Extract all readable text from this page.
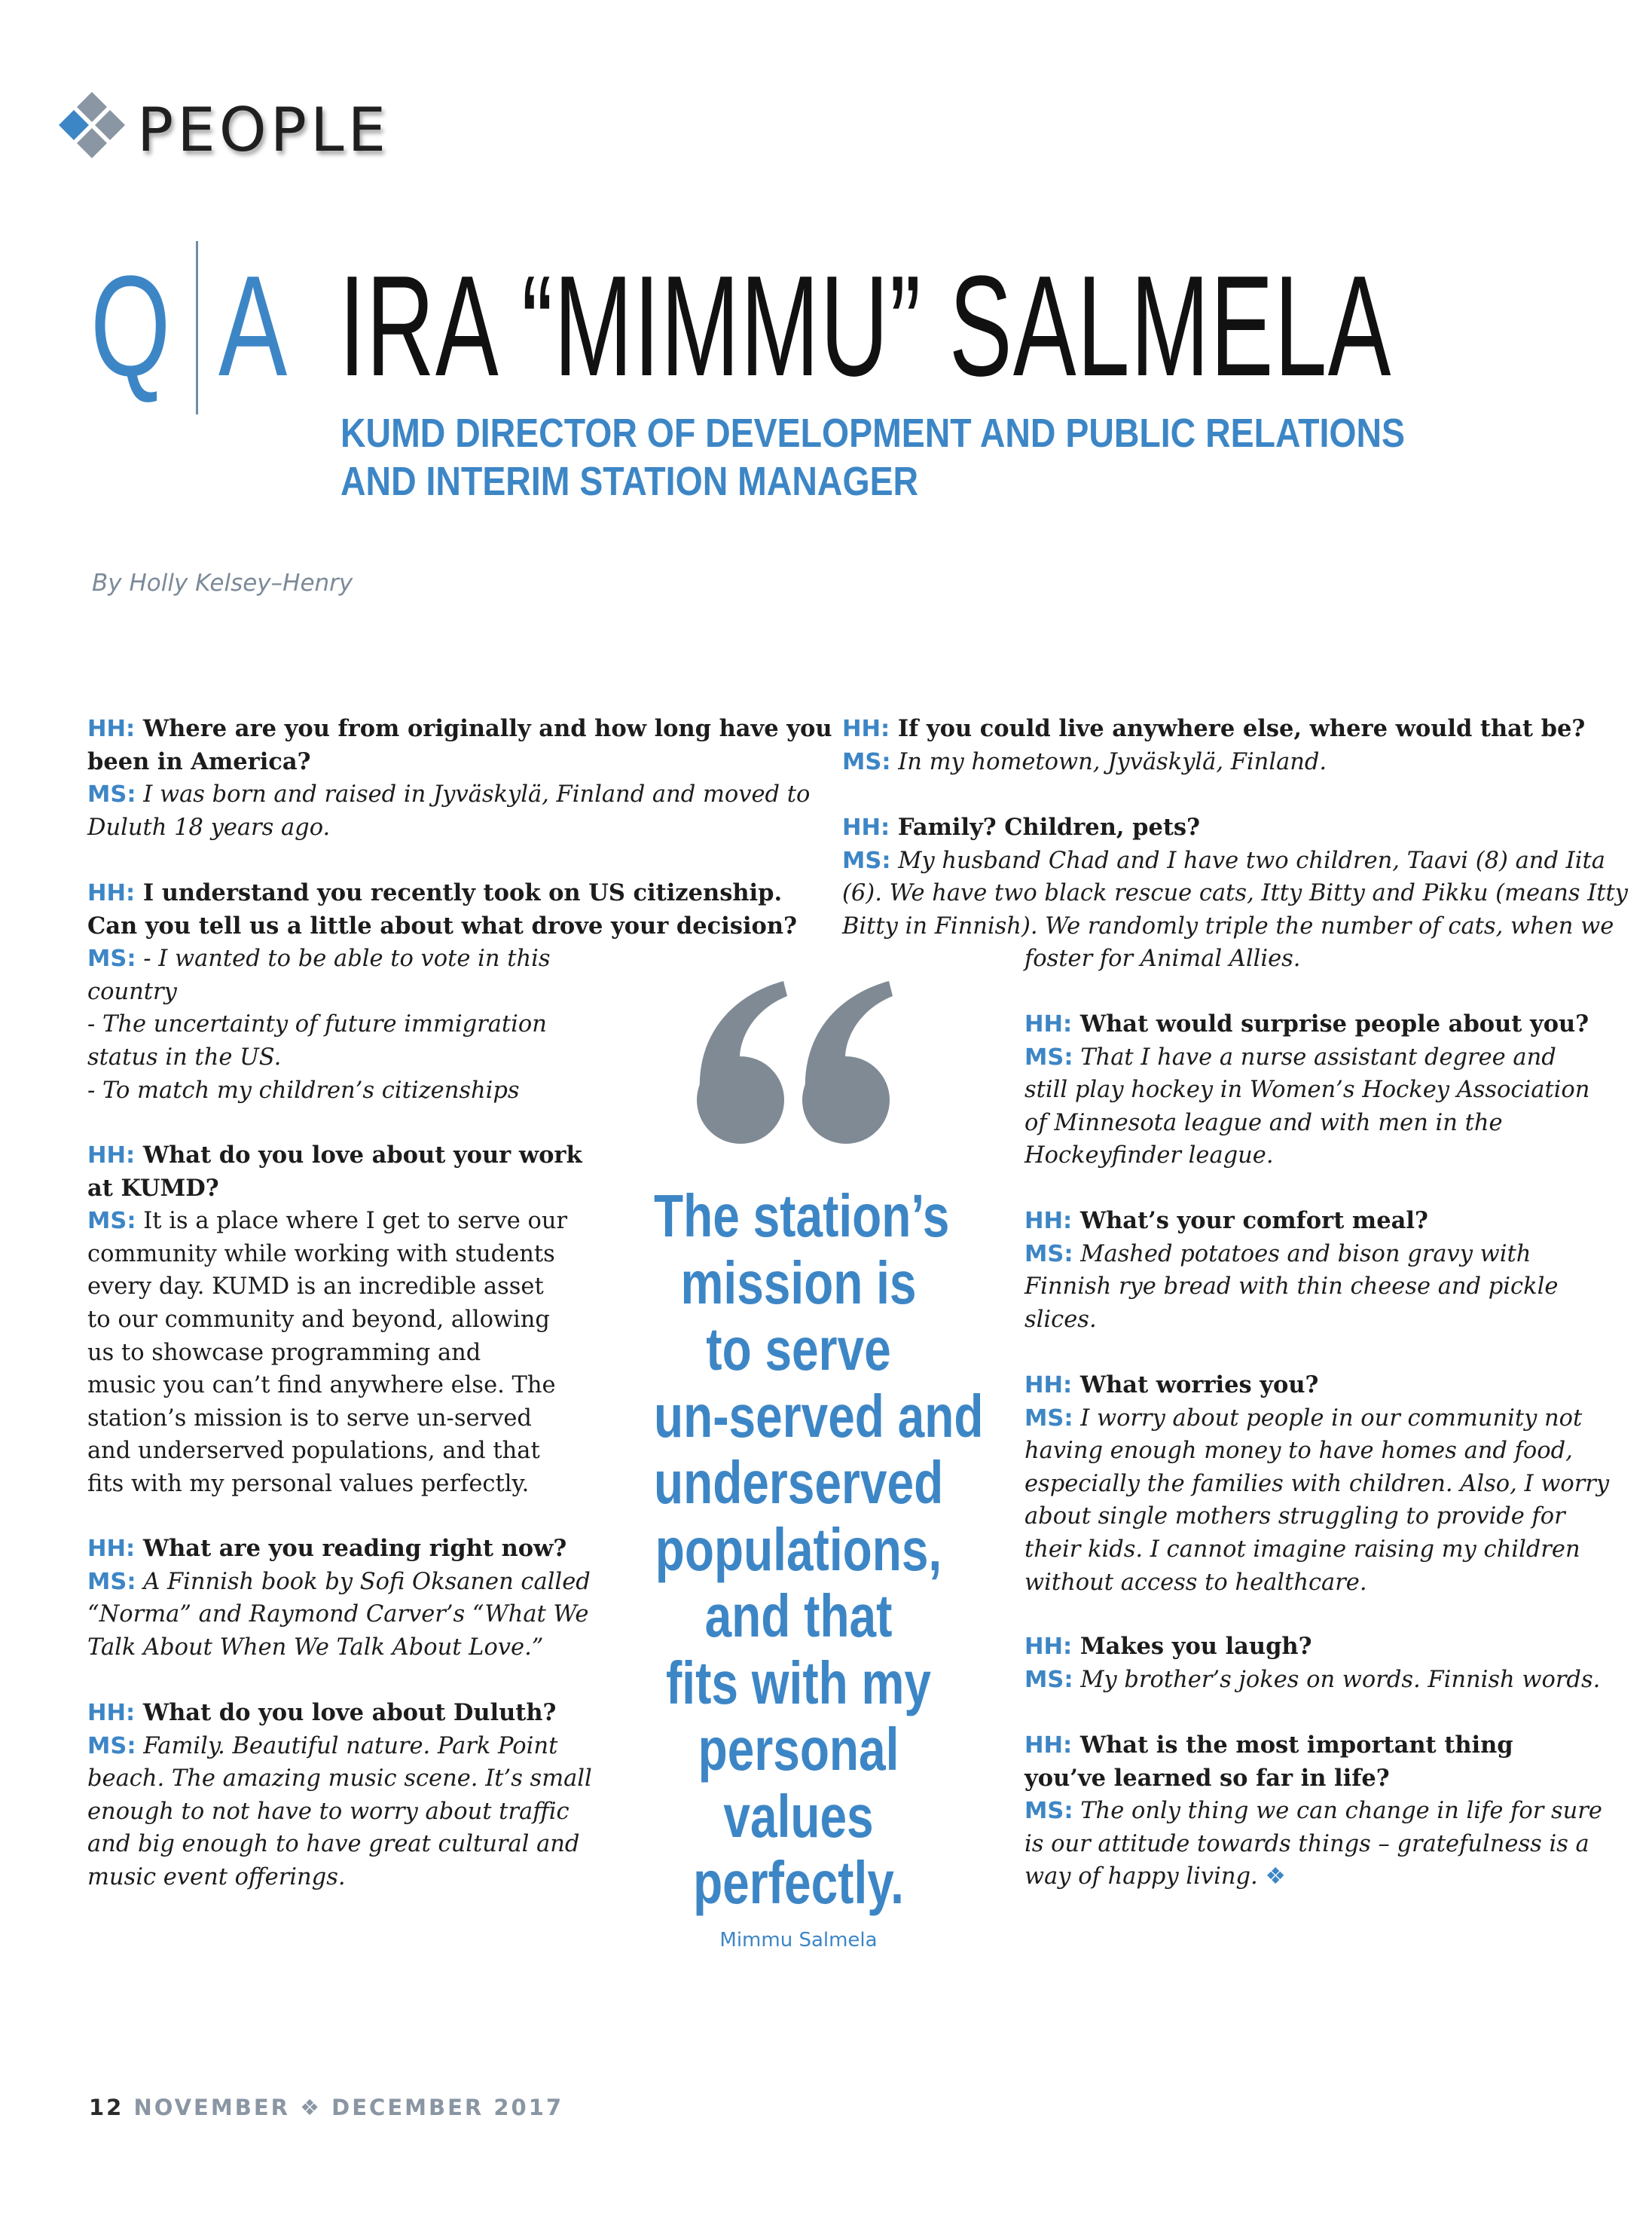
PEOPLE
Q A IRA “MIMMU” SALMELA
KUMD DIRECTOR OF DEVELOPMENT AND PUBLIC RELATIONS
AND INTERIM STATION MANAGER
By Holly Kelsey–Henry
HH: Where are you from originally and how long have you
been in America?
MS: I was born and raised in Jyväskylä, Finland and moved to
Duluth 18 years ago.
HH: I understand you recently took on US citizenship.
Can you tell us a little about what drove your decision?
MS: - I wanted to be able to vote in this
country
- The uncertainty of future immigration
status in the US.
- To match my children’s citizenships
HH: What do you love about your work
at KUMD?
MS: It is a place where I get to serve our
community while working with students
every day. KUMD is an incredible asset
to our community and beyond, allowing
us to showcase programming and
music you can’t find anywhere else. The
station’s mission is to serve un-served
and underserved populations, and that
fits with my personal values perfectly.
HH: What are you reading right now?
MS: A Finnish book by Sofi Oksanen called
“Norma” and Raymond Carver’s “What We
Talk About When We Talk About Love.”
HH: What do you love about Duluth?
MS: Family. Beautiful nature. Park Point
beach. The amazing music scene. It’s small
enough to not have to worry about traffic
and big enough to have great cultural and
music event offerings.
HH: If you could live anywhere else, where would that be?
MS: In my hometown, Jyväskylä, Finland.
HH: Family? Children, pets?
MS: My husband Chad and I have two children, Taavi (8) and Iita
(6). We have two black rescue cats, Itty Bitty and Pikku (means Itty
Bitty in Finnish). We randomly triple the number of cats, when we
foster for Animal Allies.
HH: What would surprise people about you?
MS: That I have a nurse assistant degree and
still play hockey in Women’s Hockey Association
of Minnesota league and with men in the
Hockeyfinder league.
HH: What’s your comfort meal?
MS: Mashed potatoes and bison gravy with
Finnish rye bread with thin cheese and pickle
slices.
HH: What worries you?
MS: I worry about people in our community not
having enough money to have homes and food,
especially the families with children. Also, I worry
about single mothers struggling to provide for
their kids. I cannot imagine raising my children
without access to healthcare.
HH: Makes you laugh?
MS: My brother’s jokes on words. Finnish words.
HH: What is the most important thing
you’ve learned so far in life?
MS: The only thing we can change in life for sure
is our attitude towards things – gratefulness is a
way of happy living. ❖
The station’s
mission is
to serve
un-served and
underserved
populations,
and that
fits with my
personal
values
perfectly.
Mimmu Salmela
12 NOVEMBER ❖ DECEMBER 2017
